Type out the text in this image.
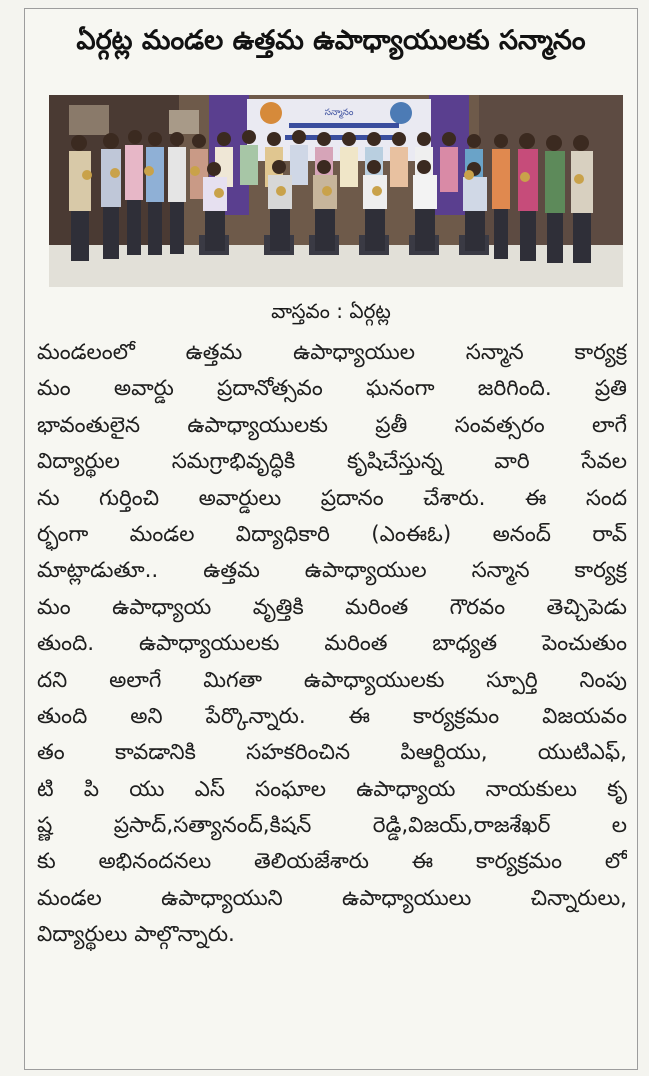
ఏర్గట్ల మండల ఉత్తమ ఉపాధ్యాయులకు సన్మానం
సన్మానం
వాస్తవం : ఏర్గట్ల
మండలంలో ఉత్తమ ఉపాధ్యాయుల సన్మాన కార్యక్ర
మం అవార్డు ప్రదానోత్సవం ఘనంగా జరిగింది. ప్రతి
భావంతులైన ఉపాధ్యాయులకు ప్రతీ సంవత్సరం లాగే
విద్యార్థుల సమగ్రాభివృద్ధికి కృషిచేస్తున్న వారి సేవల
ను గుర్తించి అవార్డులు ప్రదానం చేశారు. ఈ సంద
ర్భంగా మండల విద్యాధికారి (ఎంఈఓ) అనంద్ రావ్
మాట్లాడుతూ.. ఉత్తమ ఉపాధ్యాయుల సన్మాన కార్యక్ర
మం ఉపాధ్యాయ వృత్తికి మరింత గౌరవం తెచ్చిపెడు
తుంది. ఉపాధ్యాయులకు మరింత బాధ్యత పెంచుతుం
దని అలాగే మిగతా ఉపాధ్యాయులకు స్పూర్తి నింపు
తుంది అని పేర్కొన్నారు. ఈ కార్యక్రమం విజయవం
తం కావడానికి సహకరించిన పిఆర్టియు, యుటిఎఫ్,
టి పి యు ఎస్ సంఘాల ఉపాధ్యాయ నాయకులు కృ
ష్ణ ప్రసాద్,సత్యానంద్,కిషన్ రెడ్డి,విజయ్,రాజశేఖర్ ల
కు అభినందనలు తెలియజేశారు ఈ కార్యక్రమం లో
మండల ఉపాధ్యాయుని ఉపాధ్యాయులు చిన్నారులు,
విద్యార్థులు పాల్గొన్నారు.
